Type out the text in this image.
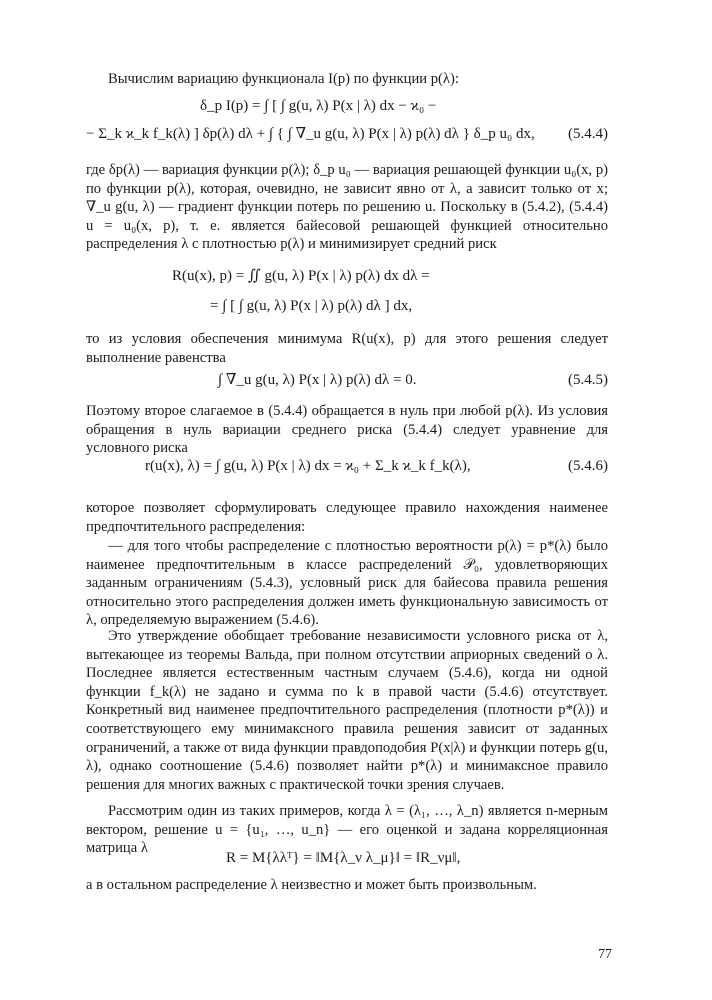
Вычислим вариацию функционала I(p) по функции p(λ):

δ_p I(p) = ∫ [ ∫ g(u, λ) P(x | λ) dx − ϰ₀ −
− Σ_k ϰ_k f_k(λ) ] δp(λ) dλ + ∫ { ∫ ∇_u g(u, λ) P(x | λ) p(λ) dλ } δ_p u₀ dx, (5.4.4)

где δp(λ) — вариация функции p(λ); δ_p u₀ — вариация решающей функции u₀(x, p) по функции p(λ), которая, очевидно, не зависит явно от λ, а зависит только от x; ∇_u g(u, λ) — градиент функции потерь по решению u. Поскольку в (5.4.2), (5.4.4) u = u₀(x, p), т. е. является байесовой решающей функцией относительно распределения λ с плотностью p(λ) и минимизирует средний риск

R(u(x), p) = ∬ g(u, λ) P(x | λ) p(λ) dx dλ =
= ∫ [ ∫ g(u, λ) P(x | λ) p(λ) dλ ] dx,

то из условия обеспечения минимума R(u(x), p) для этого решения следует выполнение равенства

∫ ∇_u g(u, λ) P(x | λ) p(λ) dλ = 0.	(5.4.5)

Поэтому второе слагаемое в (5.4.4) обращается в нуль при любой p(λ). Из условия обращения в нуль вариации среднего риска (5.4.4) следует уравнение для условного риска

r(u(x), λ) = ∫ g(u, λ) P(x | λ) dx = ϰ₀ + Σ_k ϰ_k f_k(λ),	(5.4.6)

которое позволяет сформулировать следующее правило нахождения наименее предпочтительного распределения:

— для того чтобы распределение с плотностью вероятности p(λ) = p*(λ) было наименее предпочтительным в классе распределений 𝒫₀, удовлетворяющих заданным ограничениям (5.4.3), условный риск для байесова правила решения относительно этого распределения должен иметь функциональную зависимость от λ, определяемую выражением (5.4.6).

Это утверждение обобщает требование независимости условного риска от λ, вытекающее из теоремы Вальда, при полном отсутствии априорных сведений о λ. Последнее является естественным частным случаем (5.4.6), когда ни одной функции f_k(λ) не задано и сумма по k в правой части (5.4.6) отсутствует. Конкретный вид наименее предпочтительного распределения (плотности p*(λ)) и соответствующего ему минимаксного правила решения зависит от заданных ограничений, а также от вида функции правдоподобия P(x|λ) и функции потерь g(u, λ), однако соотношение (5.4.6) позволяет найти p*(λ) и минимаксное правило решения для многих важных с практической точки зрения случаев.

Рассмотрим один из таких примеров, когда λ = (λ₁, …, λ_n) является n-мерным вектором, решение u = {u₁, …, u_n} — его оценкой и задана корреляционная матрица λ

R = M{λλᵀ} = ‖M{λ_ν λ_μ}‖ = ‖R_νμ‖,

а в остальном распределение λ неизвестно и может быть произвольным.

77
